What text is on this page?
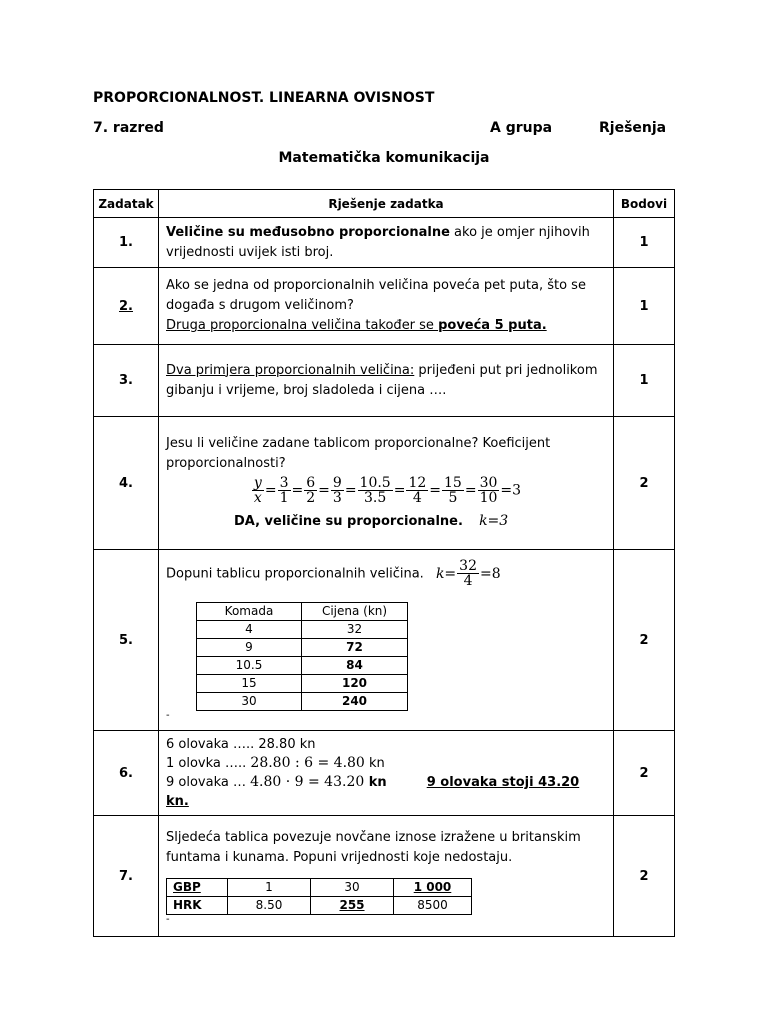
PROPORCIONALNOST. LINEARNA OVISNOST
7. razred	A grupa	Rješenja
Matematička komunikacija
Zadatak	Rješenje zadatka	Bodovi
1.	Veličine su međusobno proporcionalne ako je omjer njihovih vrijednosti uvijek isti broj.	1
2.	
Ako se jedna od proporcionalnih veličina poveća pet puta, što se događa s drugom veličinom?
Druga proporcionalna veličina također se poveća 5 puta.
	1
3.	Dva primjera proporcionalnih veličina: prijeđeni put pri jednolikom gibanju i vrijeme, broj sladoleda i cijena ….	1
4.	
Jesu li veličine zadane tablicom proporcionalne? Koeficijent proporcionalnosti?
$\frac{y}{x} = \frac{3}{1} = \frac{6}{2} = \frac{9}{3} = \frac{10.5}{3.5} = \frac{12}{4} = \frac{15}{5} = \frac{30}{10} =3$
DA, veličine su proporcionalne. k=3
	2
5.	
Dopuni tablicu proporcionalnih veličina. $k= \frac{32}{4} =8$
Komada	Cijena (kn)
4	32
9	72
10.5	84
15	120
30	240
‐
	2
6.	
6 olovaka ….. 28.80 kn
1 olovka ….. 28.80 : 6 = 4.80 kn
9 olovaka … 4.80 · 9 = 43.20 kn	9 olovaka stoji 43.20 kn.
	2
7.	
Sljedeća tablica povezuje novčane iznose izražene u britanskim funtama i kunama. Popuni vrijednosti koje nedostaju.
GBP	1	30	1 000
HRK	8.50	255	8500
‐
	2
